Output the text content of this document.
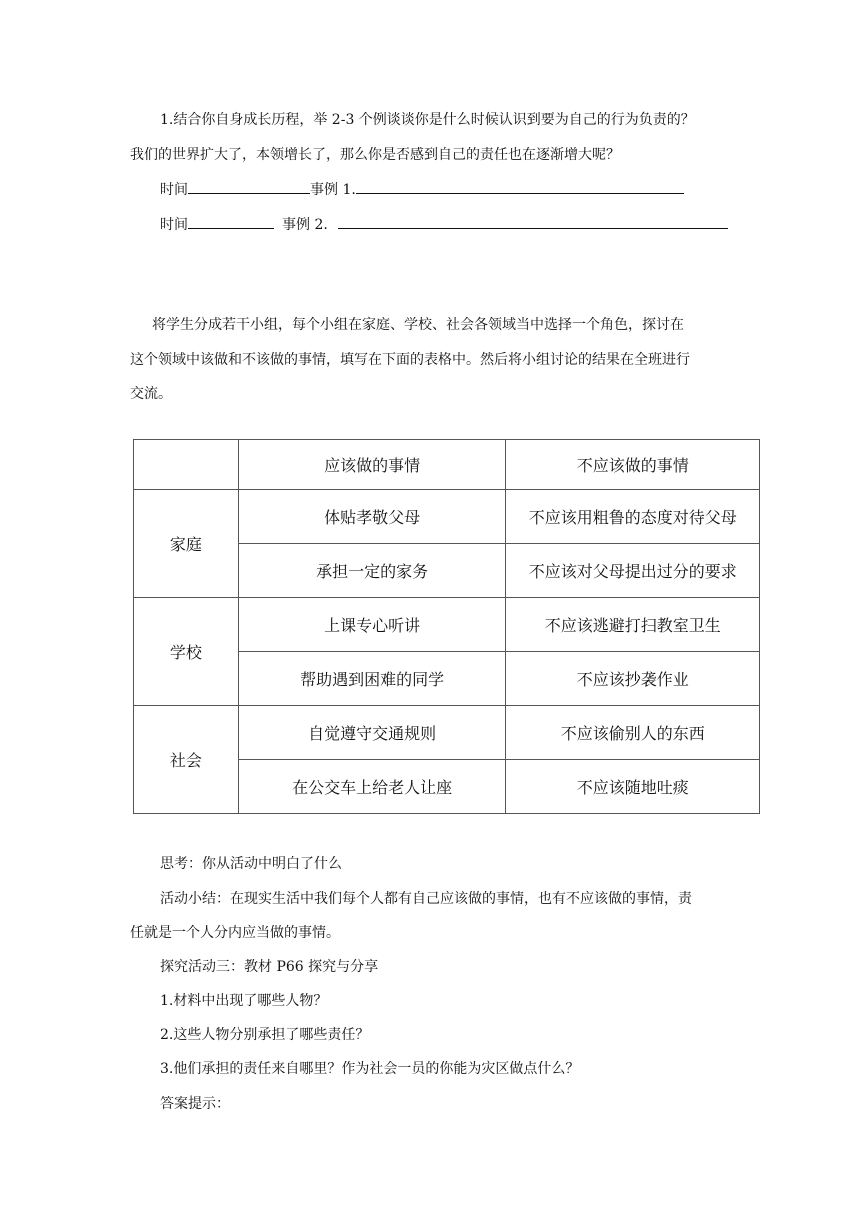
1.结合你自身成长历程，举 2-3 个例谈谈你是什么时候认识到要为自己的行为负责的？
我们的世界扩大了，本领增长了，那么你是否感到自己的责任也在逐渐增大呢？
时间	事例 1.
时间	事例 2.
将学生分成若干小组，每个小组在家庭、学校、社会各领域当中选择一个角色，探讨在
这个领域中该做和不该做的事情，填写在下面的表格中。然后将小组讨论的结果在全班进行
交流。
	应该做的事情	不应该做的事情
家庭	体贴孝敬父母	不应该用粗鲁的态度对待父母
	承担一定的家务	不应该对父母提出过分的要求
学校	上课专心听讲	不应该逃避打扫教室卫生
	帮助遇到困难的同学	不应该抄袭作业
社会	自觉遵守交通规则	不应该偷别人的东西
	在公交车上给老人让座	不应该随地吐痰
思考：你从活动中明白了什么
活动小结：在现实生活中我们每个人都有自己应该做的事情，也有不应该做的事情，责
任就是一个人分内应当做的事情。
探究活动三：教材 P66 探究与分享
1.材料中出现了哪些人物？
2.这些人物分别承担了哪些责任？
3.他们承担的责任来自哪里？作为社会一员的你能为灾区做点什么？
答案提示：
